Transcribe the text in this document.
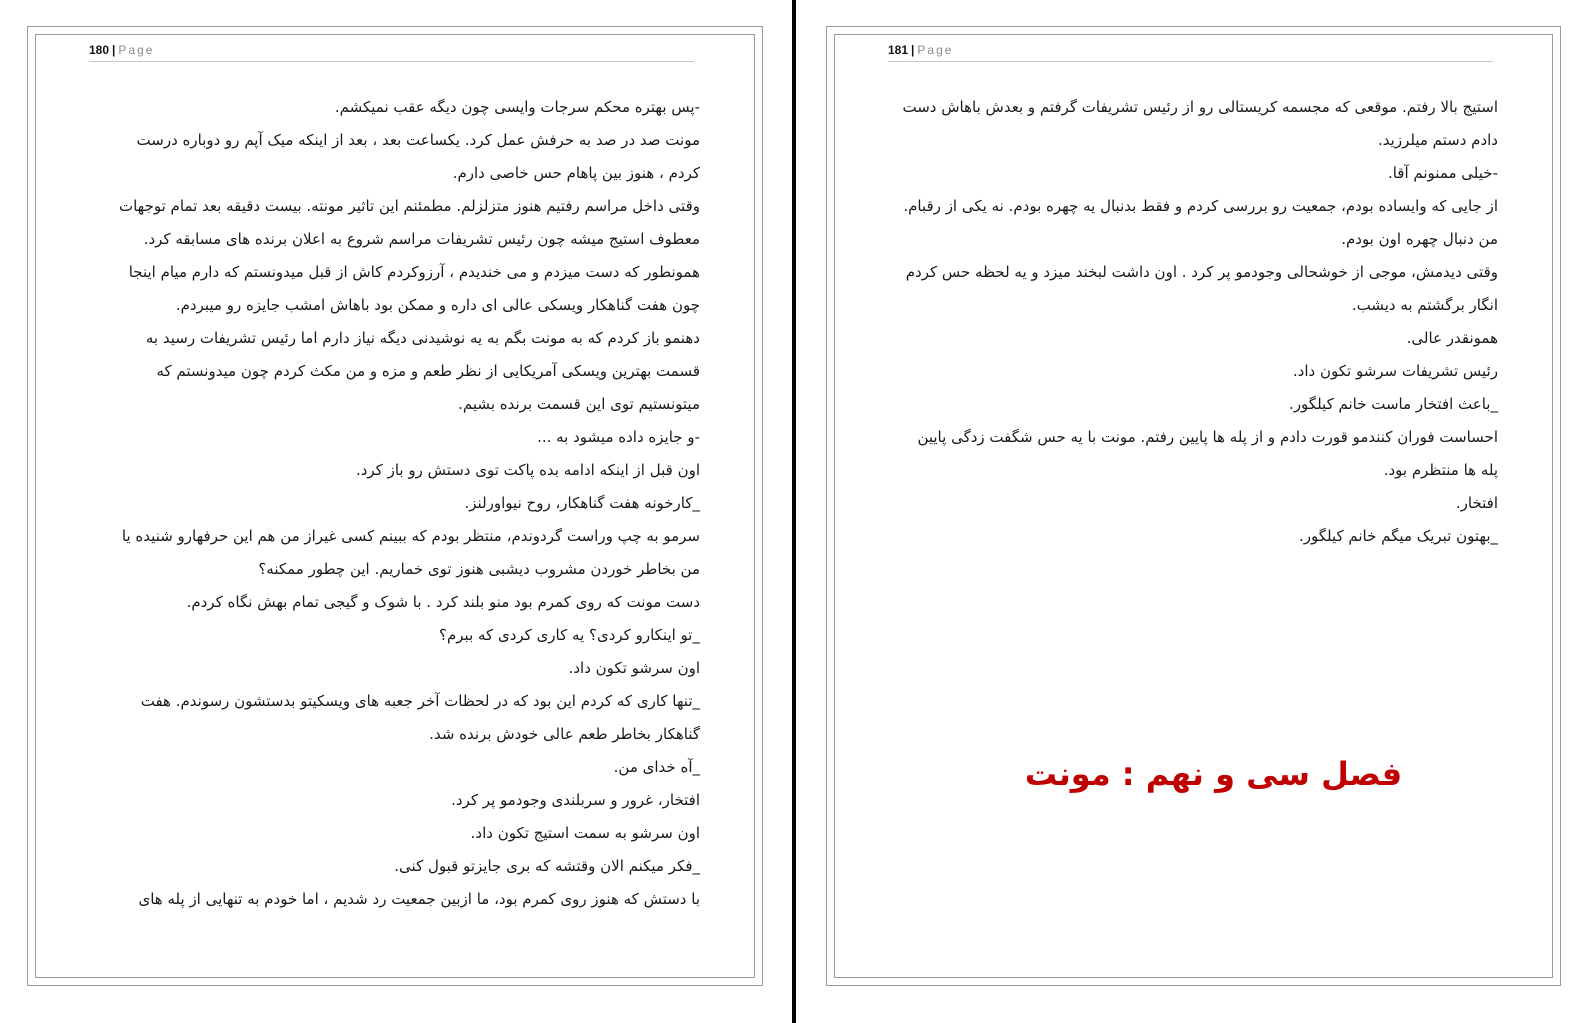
180 | Page
-پس بهتره محکم سرجات وایسی چون دیگه عقب نمیکشم.
مونت صد در صد به حرفش عمل کرد. یکساعت بعد ، بعد از اینکه میک آپم رو دوباره درست
کردم ، هنوز بین پاهام حس خاصی دارم.
وقتی داخل مراسم رفتیم هنوز متزلزلم. مطمئنم این تاثیر مونته. بیست دقیقه بعد تمام توجهات
معطوف استیج میشه چون رئیس تشریفات مراسم شروع به اعلان برنده های مسابقه کرد.
همونطور که دست میزدم و می خندیدم ، آرزوکردم کاش از قبل میدونستم که دارم میام اینجا
چون هفت گناهکار ویسکی عالی ای داره و ممکن بود باهاش امشب جایزه رو میبردم.
دهنمو باز کردم که به مونت بگم به یه نوشیدنی دیگه نیاز دارم اما رئیس تشریفات رسید به
قسمت بهترین ویسکی آمریکایی از نظر طعم و مزه و من مکث کردم چون میدونستم که
میتونستیم توی این قسمت برنده بشیم.
-و جایزه داده میشود به ...
اون قبل از اینکه ادامه بده پاکت توی دستش رو باز کرد.
_کارخونه هفت گناهکار، روح نیواورلنز.
سرمو به چپ وراست گردوندم، منتظر بودم که ببینم کسی غیراز من هم این حرفهارو شنیده یا
من بخاطر خوردن مشروب دیشبی هنوز توی خماریم. این چطور ممکنه؟
دست مونت که روی کمرم بود منو بلند کرد . با شوک و گیجی تمام بهش نگاه کردم.
_تو اینکارو کردی؟ یه کاری کردی که ببرم؟
اون سرشو تکون داد.
_تنها کاری که کردم این بود که در لحظات آخر جعبه های ویسکیتو بدستشون رسوندم. هفت
گناهکار بخاطر طعم عالی خودش برنده شد.
_آه خدای من.
افتخار، غرور و سربلندی وجودمو پر کرد.
اون سرشو به سمت استیج تکون داد.
_فکر میکنم الان وقتشه که بری جایزتو قبول کنی.
با دستش که هنوز روی کمرم بود، ما ازبین جمعیت رد شدیم ، اما خودم به تنهایی از پله های
181 | Page
استیج بالا رفتم. موقعی که مجسمه کریستالی رو از رئیس تشریفات گرفتم و بعدش باهاش دست
دادم دستم میلرزید.
-خیلی ممنونم آقا.
از جایی که وایساده بودم، جمعیت رو بررسی کردم و فقط بدنبال یه چهره بودم. نه یکی از رقبام.
من دنبال چهره اون بودم.
وقتی دیدمش، موجی از خوشحالی وجودمو پر کرد . اون داشت لبخند میزد و یه لحظه حس کردم
انگار برگشتم به دیشب.
همونقدر عالی.
رئیس تشریفات سرشو تکون داد.
_باعث افتخار ماست خانم کیلگور.
احساست فوران کنندمو قورت دادم و از پله ها پایین رفتم. مونت با یه حس شگفت زدگی پایین
پله ها منتظرم بود.
افتخار.
_بهتون تبریک میگم خانم کیلگور.
فصل سی و نهم : مونت
